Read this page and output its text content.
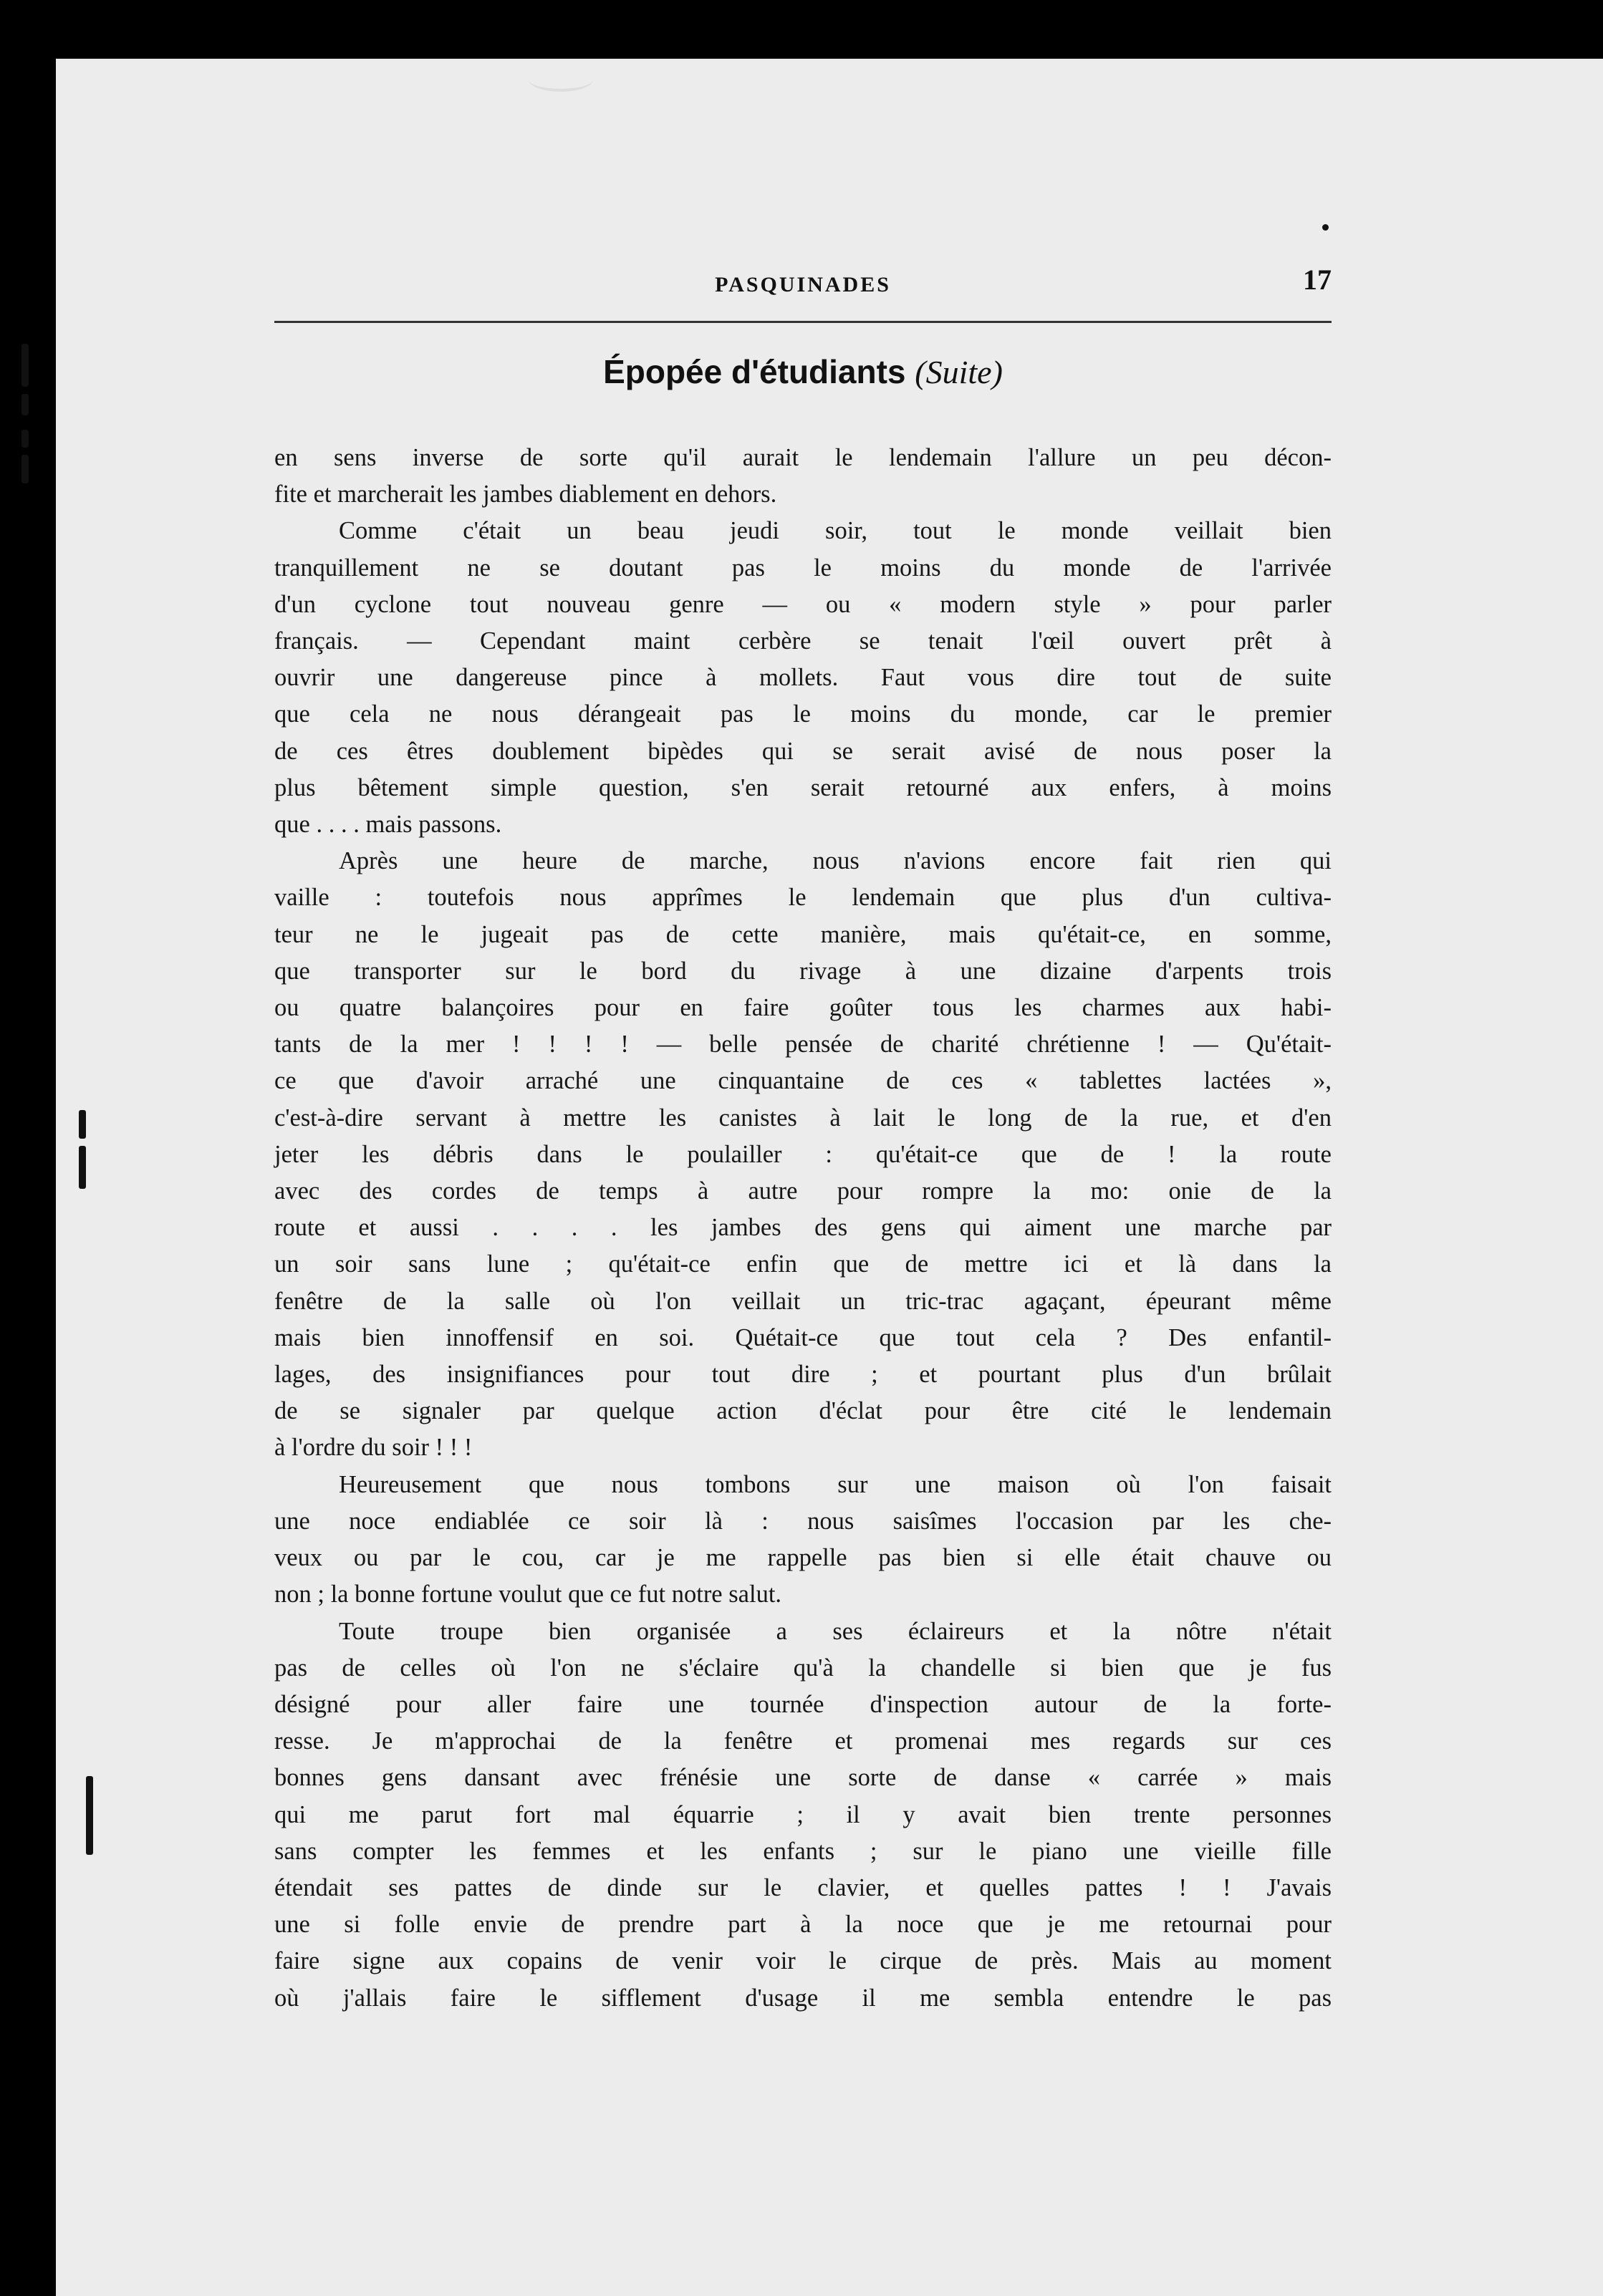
PASQUINADES	17
Épopée d'étudiants (Suite)
en sens inverse de sorte qu'il aurait le lendemain l'allure un peu décon-
fite et marcherait les jambes diablement en dehors.
Comme c'était un beau jeudi soir, tout le monde veillait bien
tranquillement ne se doutant pas le moins du monde de l'arrivée
d'un cyclone tout nouveau genre — ou « modern style » pour parler
français. — Cependant maint cerbère se tenait l'œil ouvert prêt à
ouvrir une dangereuse pince à mollets. Faut vous dire tout de suite
que cela ne nous dérangeait pas le moins du monde, car le premier
de ces êtres doublement bipèdes qui se serait avisé de nous poser la
plus bêtement simple question, s'en serait retourné aux enfers, à moins
que . . . . mais passons.
Après une heure de marche, nous n'avions encore fait rien qui
vaille : toutefois nous apprîmes le lendemain que plus d'un cultiva-
teur ne le jugeait pas de cette manière, mais qu'était-ce, en somme,
que transporter sur le bord du rivage à une dizaine d'arpents trois
ou quatre balançoires pour en faire goûter tous les charmes aux habi-
tants de la mer ! ! ! ! — belle pensée de charité chrétienne ! — Qu'était-
ce que d'avoir arraché une cinquantaine de ces « tablettes lactées »,
c'est-à-dire servant à mettre les canistes à lait le long de la rue, et d'en
jeter les débris dans le poulailler : qu'était-ce que de ! la route
avec des cordes de temps à autre pour rompre la mo: onie de la
route et aussi . . . . les jambes des gens qui aiment une marche par
un soir sans lune ; qu'était-ce enfin que de mettre ici et là dans la
fenêtre de la salle où l'on veillait un tric-trac agaçant, épeurant même
mais bien innoffensif en soi. Quétait-ce que tout cela ? Des enfantil-
lages, des insignifiances pour tout dire ; et pourtant plus d'un brûlait
de se signaler par quelque action d'éclat pour être cité le lendemain
à l'ordre du soir ! ! !
Heureusement que nous tombons sur une maison où l'on faisait
une noce endiablée ce soir là : nous saisîmes l'occasion par les che-
veux ou par le cou, car je me rappelle pas bien si elle était chauve ou
non ; la bonne fortune voulut que ce fut notre salut.
Toute troupe bien organisée a ses éclaireurs et la nôtre n'était
pas de celles où l'on ne s'éclaire qu'à la chandelle si bien que je fus
désigné pour aller faire une tournée d'inspection autour de la forte-
resse. Je m'approchai de la fenêtre et promenai mes regards sur ces
bonnes gens dansant avec frénésie une sorte de danse « carrée » mais
qui me parut fort mal équarrie ; il y avait bien trente personnes
sans compter les femmes et les enfants ; sur le piano une vieille fille
étendait ses pattes de dinde sur le clavier, et quelles pattes ! ! J'avais
une si folle envie de prendre part à la noce que je me retournai pour
faire signe aux copains de venir voir le cirque de près. Mais au moment
où j'allais faire le sifflement d'usage il me sembla entendre le pas
